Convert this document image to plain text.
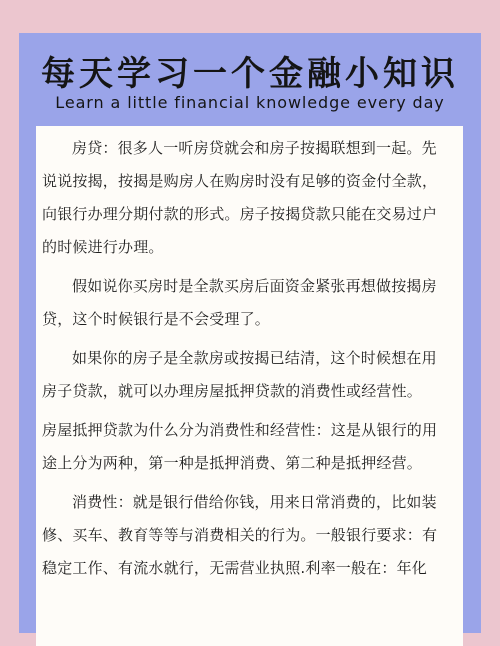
每天学习一个金融小知识
Learn a little financial knowledge every day

房贷：很多人一听房贷就会和房子按揭联想到一起。先
说说按揭，按揭是购房人在购房时没有足够的资金付全款，
向银行办理分期付款的形式。房子按揭贷款只能在交易过户
的时候进行办理。

假如说你买房时是全款买房后面资金紧张再想做按揭房
贷，这个时候银行是不会受理了。

如果你的房子是全款房或按揭已结清，这个时候想在用
房子贷款，就可以办理房屋抵押贷款的消费性或经营性。

房屋抵押贷款为什么分为消费性和经营性：这是从银行的用
途上分为两种，第一种是抵押消费、第二种是抵押经营。

消费性：就是银行借给你钱，用来日常消费的，比如装
修、买车、教育等等与消费相关的行为。一般银行要求：有
稳定工作、有流水就行，无需营业执照.利率一般在：年化
